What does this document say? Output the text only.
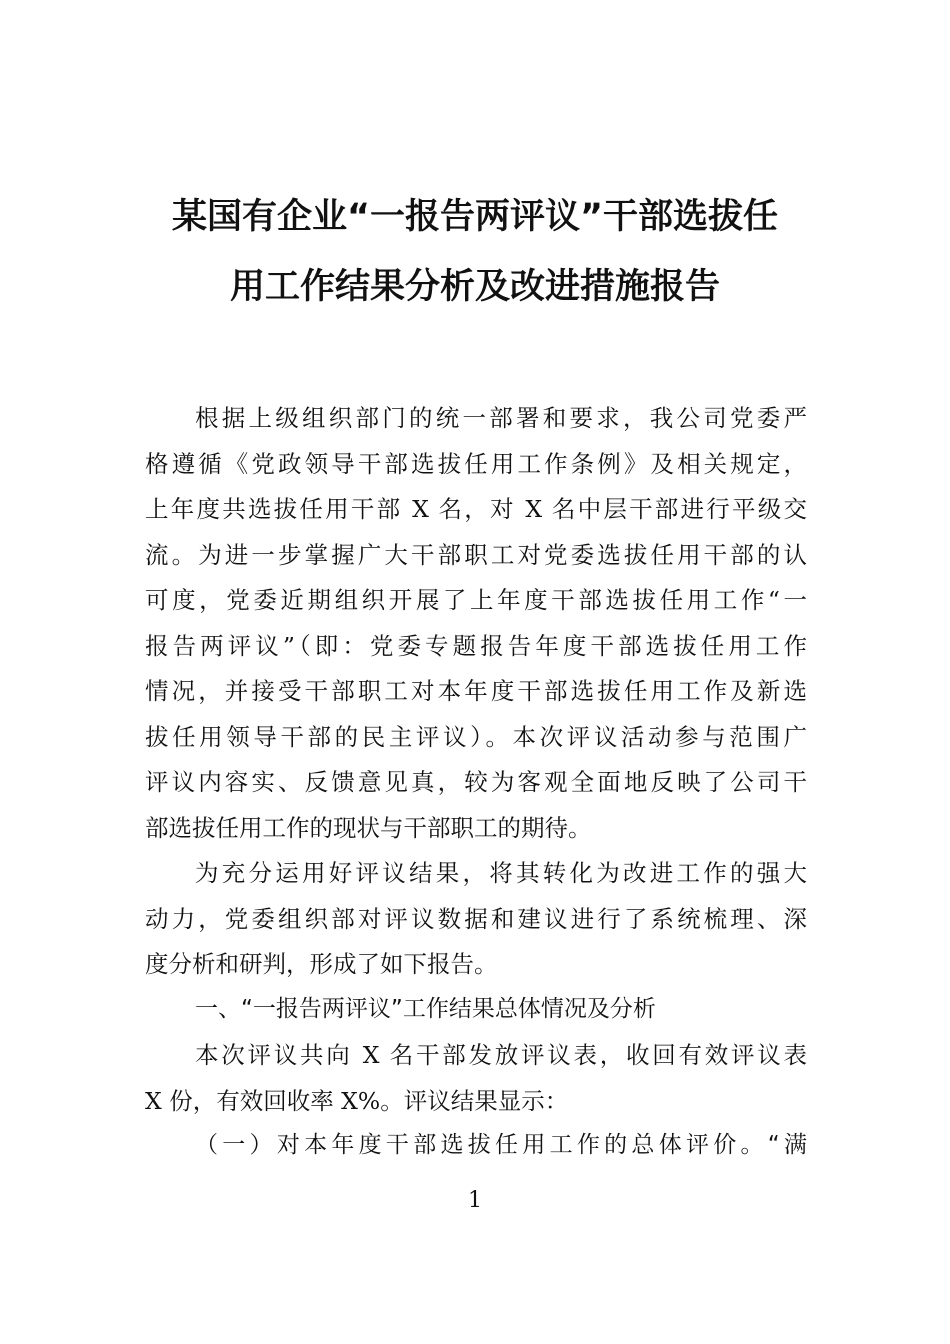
某国有企业“一报告两评议”干部选拔任
用工作结果分析及改进措施报告
根据上级组织部门的统一部署和要求，我公司党委严
格遵循《党政领导干部选拔任用工作条例》及相关规定，
上年度共选拔任用干部 X 名，对 X 名中层干部进行平级交
流。为进一步掌握广大干部职工对党委选拔任用干部的认
可度，党委近期组织开展了上年度干部选拔任用工作“一
报告两评议”（即：党委专题报告年度干部选拔任用工作
情况，并接受干部职工对本年度干部选拔任用工作及新选
拔任用领导干部的民主评议）。本次评议活动参与范围广
评议内容实、反馈意见真，较为客观全面地反映了公司干
部选拔任用工作的现状与干部职工的期待。
为充分运用好评议结果，将其转化为改进工作的强大
动力，党委组织部对评议数据和建议进行了系统梳理、深
度分析和研判，形成了如下报告。
一、“一报告两评议”工作结果总体情况及分析
本次评议共向 X 名干部发放评议表，收回有效评议表
X 份，有效回收率 X%。评议结果显示：
（一）对本年度干部选拔任用工作的总体评价。“满
1
